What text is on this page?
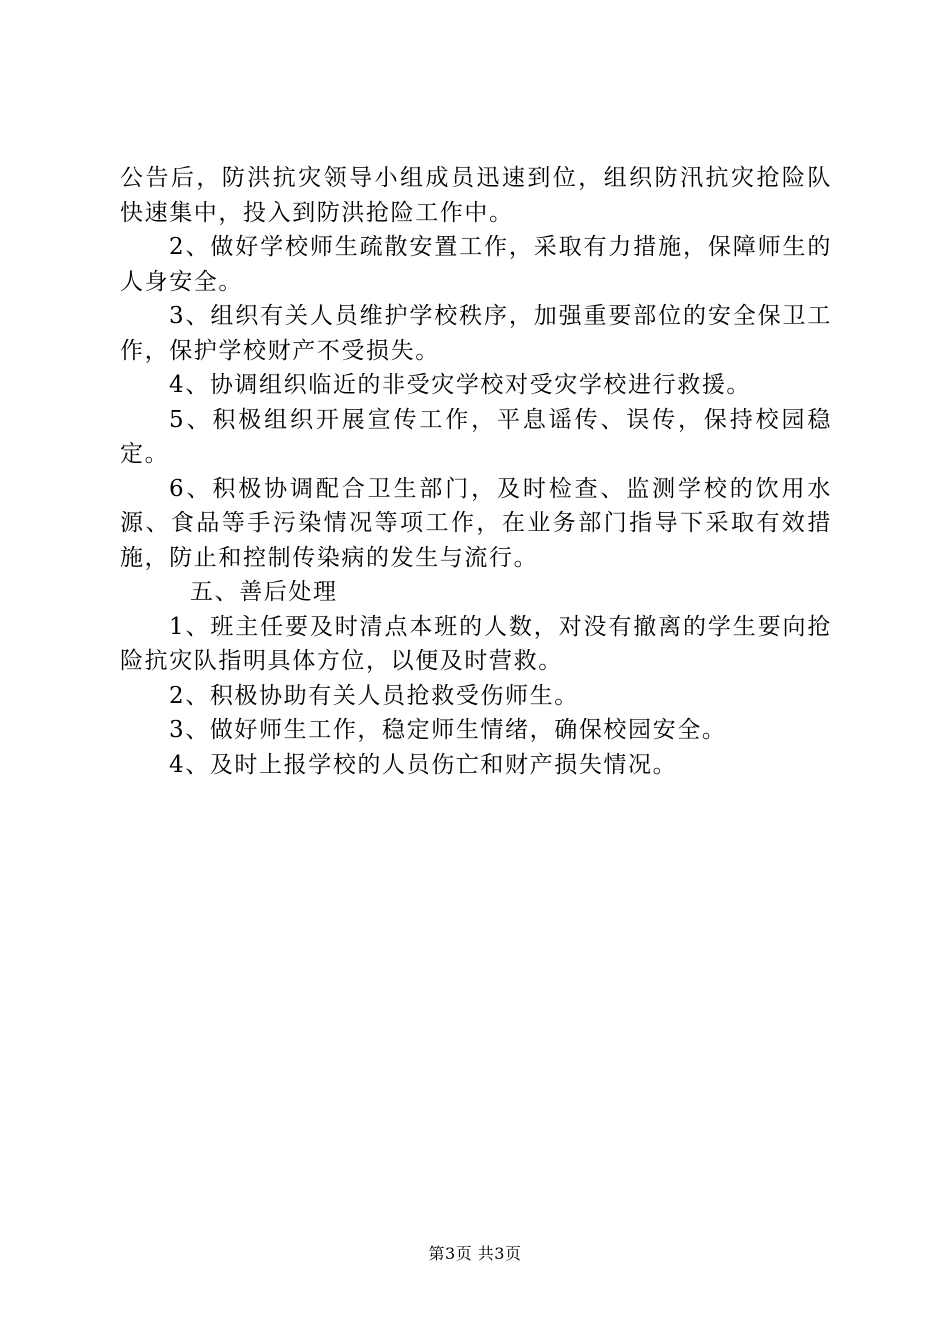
公告后，防洪抗灾领导小组成员迅速到位，组织防汛抗灾抢险队快速集中，投入到防洪抢险工作中。

2、做好学校师生疏散安置工作，采取有力措施，保障师生的人身安全。

3、组织有关人员维护学校秩序，加强重要部位的安全保卫工作，保护学校财产不受损失。

4、协调组织临近的非受灾学校对受灾学校进行救援。

5、积极组织开展宣传工作，平息谣传、误传，保持校园稳定。

6、积极协调配合卫生部门，及时检查、监测学校的饮用水源、食品等手污染情况等项工作，在业务部门指导下采取有效措施，防止和控制传染病的发生与流行。

五、善后处理

1、班主任要及时清点本班的人数，对没有撤离的学生要向抢险抗灾队指明具体方位，以便及时营救。

2、积极协助有关人员抢救受伤师生。

3、做好师生工作，稳定师生情绪，确保校园安全。

4、及时上报学校的人员伤亡和财产损失情况。

第3页 共3页
